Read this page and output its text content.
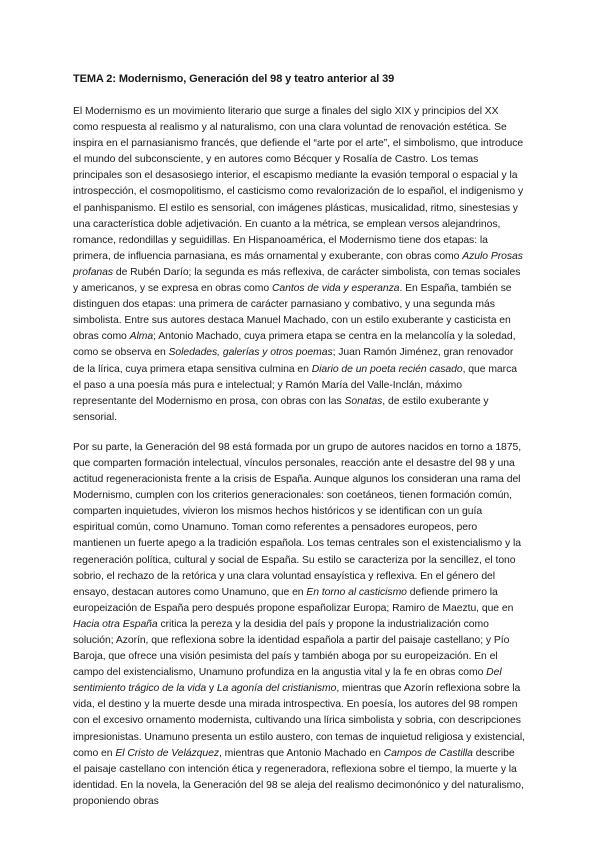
TEMA 2: Modernismo, Generación del 98 y teatro anterior al 39
El Modernismo es un movimiento literario que surge a finales del siglo XIX y principios del XX como respuesta al realismo y al naturalismo, con una clara voluntad de renovación estética. Se inspira en el parnasianismo francés, que defiende el “arte por el arte”, el simbolismo, que introduce el mundo del subconsciente, y en autores como Bécquer y Rosalía de Castro. Los temas principales son el desasosiego interior, el escapismo mediante la evasión temporal o espacial y la introspección, el cosmopolitismo, el casticismo como revalorización de lo español, el indigenismo y el panhispanismo. El estilo es sensorial, con imágenes plásticas, musicalidad, ritmo, sinestesias y una característica doble adjetivación. En cuanto a la métrica, se emplean versos alejandrinos, romance, redondillas y seguidillas. En Hispanoamérica, el Modernismo tiene dos etapas: la primera, de influencia parnasiana, es más ornamental y exuberante, con obras como Azulo Prosas profanas de Rubén Darío; la segunda es más reflexiva, de carácter simbolista, con temas sociales y americanos, y se expresa en obras como Cantos de vida y esperanza. En España, también se distinguen dos etapas: una primera de carácter parnasiano y combativo, y una segunda más simbolista. Entre sus autores destaca Manuel Machado, con un estilo exuberante y casticista en obras como Alma; Antonio Machado, cuya primera etapa se centra en la melancolía y la soledad, como se observa en Soledades, galerías y otros poemas; Juan Ramón Jiménez, gran renovador de la lírica, cuya primera etapa sensitiva culmina en Diario de un poeta recién casado, que marca el paso a una poesía más pura e intelectual; y Ramón María del Valle-Inclán, máximo representante del Modernismo en prosa, con obras con las Sonatas, de estilo exuberante y sensorial.
Por su parte, la Generación del 98 está formada por un grupo de autores nacidos en torno a 1875, que comparten formación intelectual, vínculos personales, reacción ante el desastre del 98 y una actitud regeneracionista frente a la crisis de España. Aunque algunos los consideran una rama del Modernismo, cumplen con los criterios generacionales: son coetáneos, tienen formación común, comparten inquietudes, vivieron los mismos hechos históricos y se identifican con un guía espiritual común, como Unamuno. Toman como referentes a pensadores europeos, pero mantienen un fuerte apego a la tradición española. Los temas centrales son el existencialismo y la regeneración política, cultural y social de España. Su estilo se caracteriza por la sencillez, el tono sobrio, el rechazo de la retórica y una clara voluntad ensayística y reflexiva. En el género del ensayo, destacan autores como Unamuno, que en En torno al casticismo defiende primero la europeización de España pero después propone españolizar Europa; Ramiro de Maeztu, que en Hacia otra España critica la pereza y la desidia del país y propone la industrialización como solución; Azorín, que reflexiona sobre la identidad española a partir del paisaje castellano; y Pío Baroja, que ofrece una visión pesimista del país y también aboga por su europeización. En el campo del existencialismo, Unamuno profundiza en la angustia vital y la fe en obras como Del sentimiento trágico de la vida y La agonía del cristianismo, mientras que Azorín reflexiona sobre la vida, el destino y la muerte desde una mirada introspectiva. En poesía, los autores del 98 rompen con el excesivo ornamento modernista, cultivando una lírica simbolista y sobria, con descripciones impresionistas. Unamuno presenta un estilo austero, con temas de inquietud religiosa y existencial, como en El Cristo de Velázquez, mientras que Antonio Machado en Campos de Castilla describe el paisaje castellano con intención ética y regeneradora, reflexiona sobre el tiempo, la muerte y la identidad. En la novela, la Generación del 98 se aleja del realismo decimonónico y del naturalismo, proponiendo obras
